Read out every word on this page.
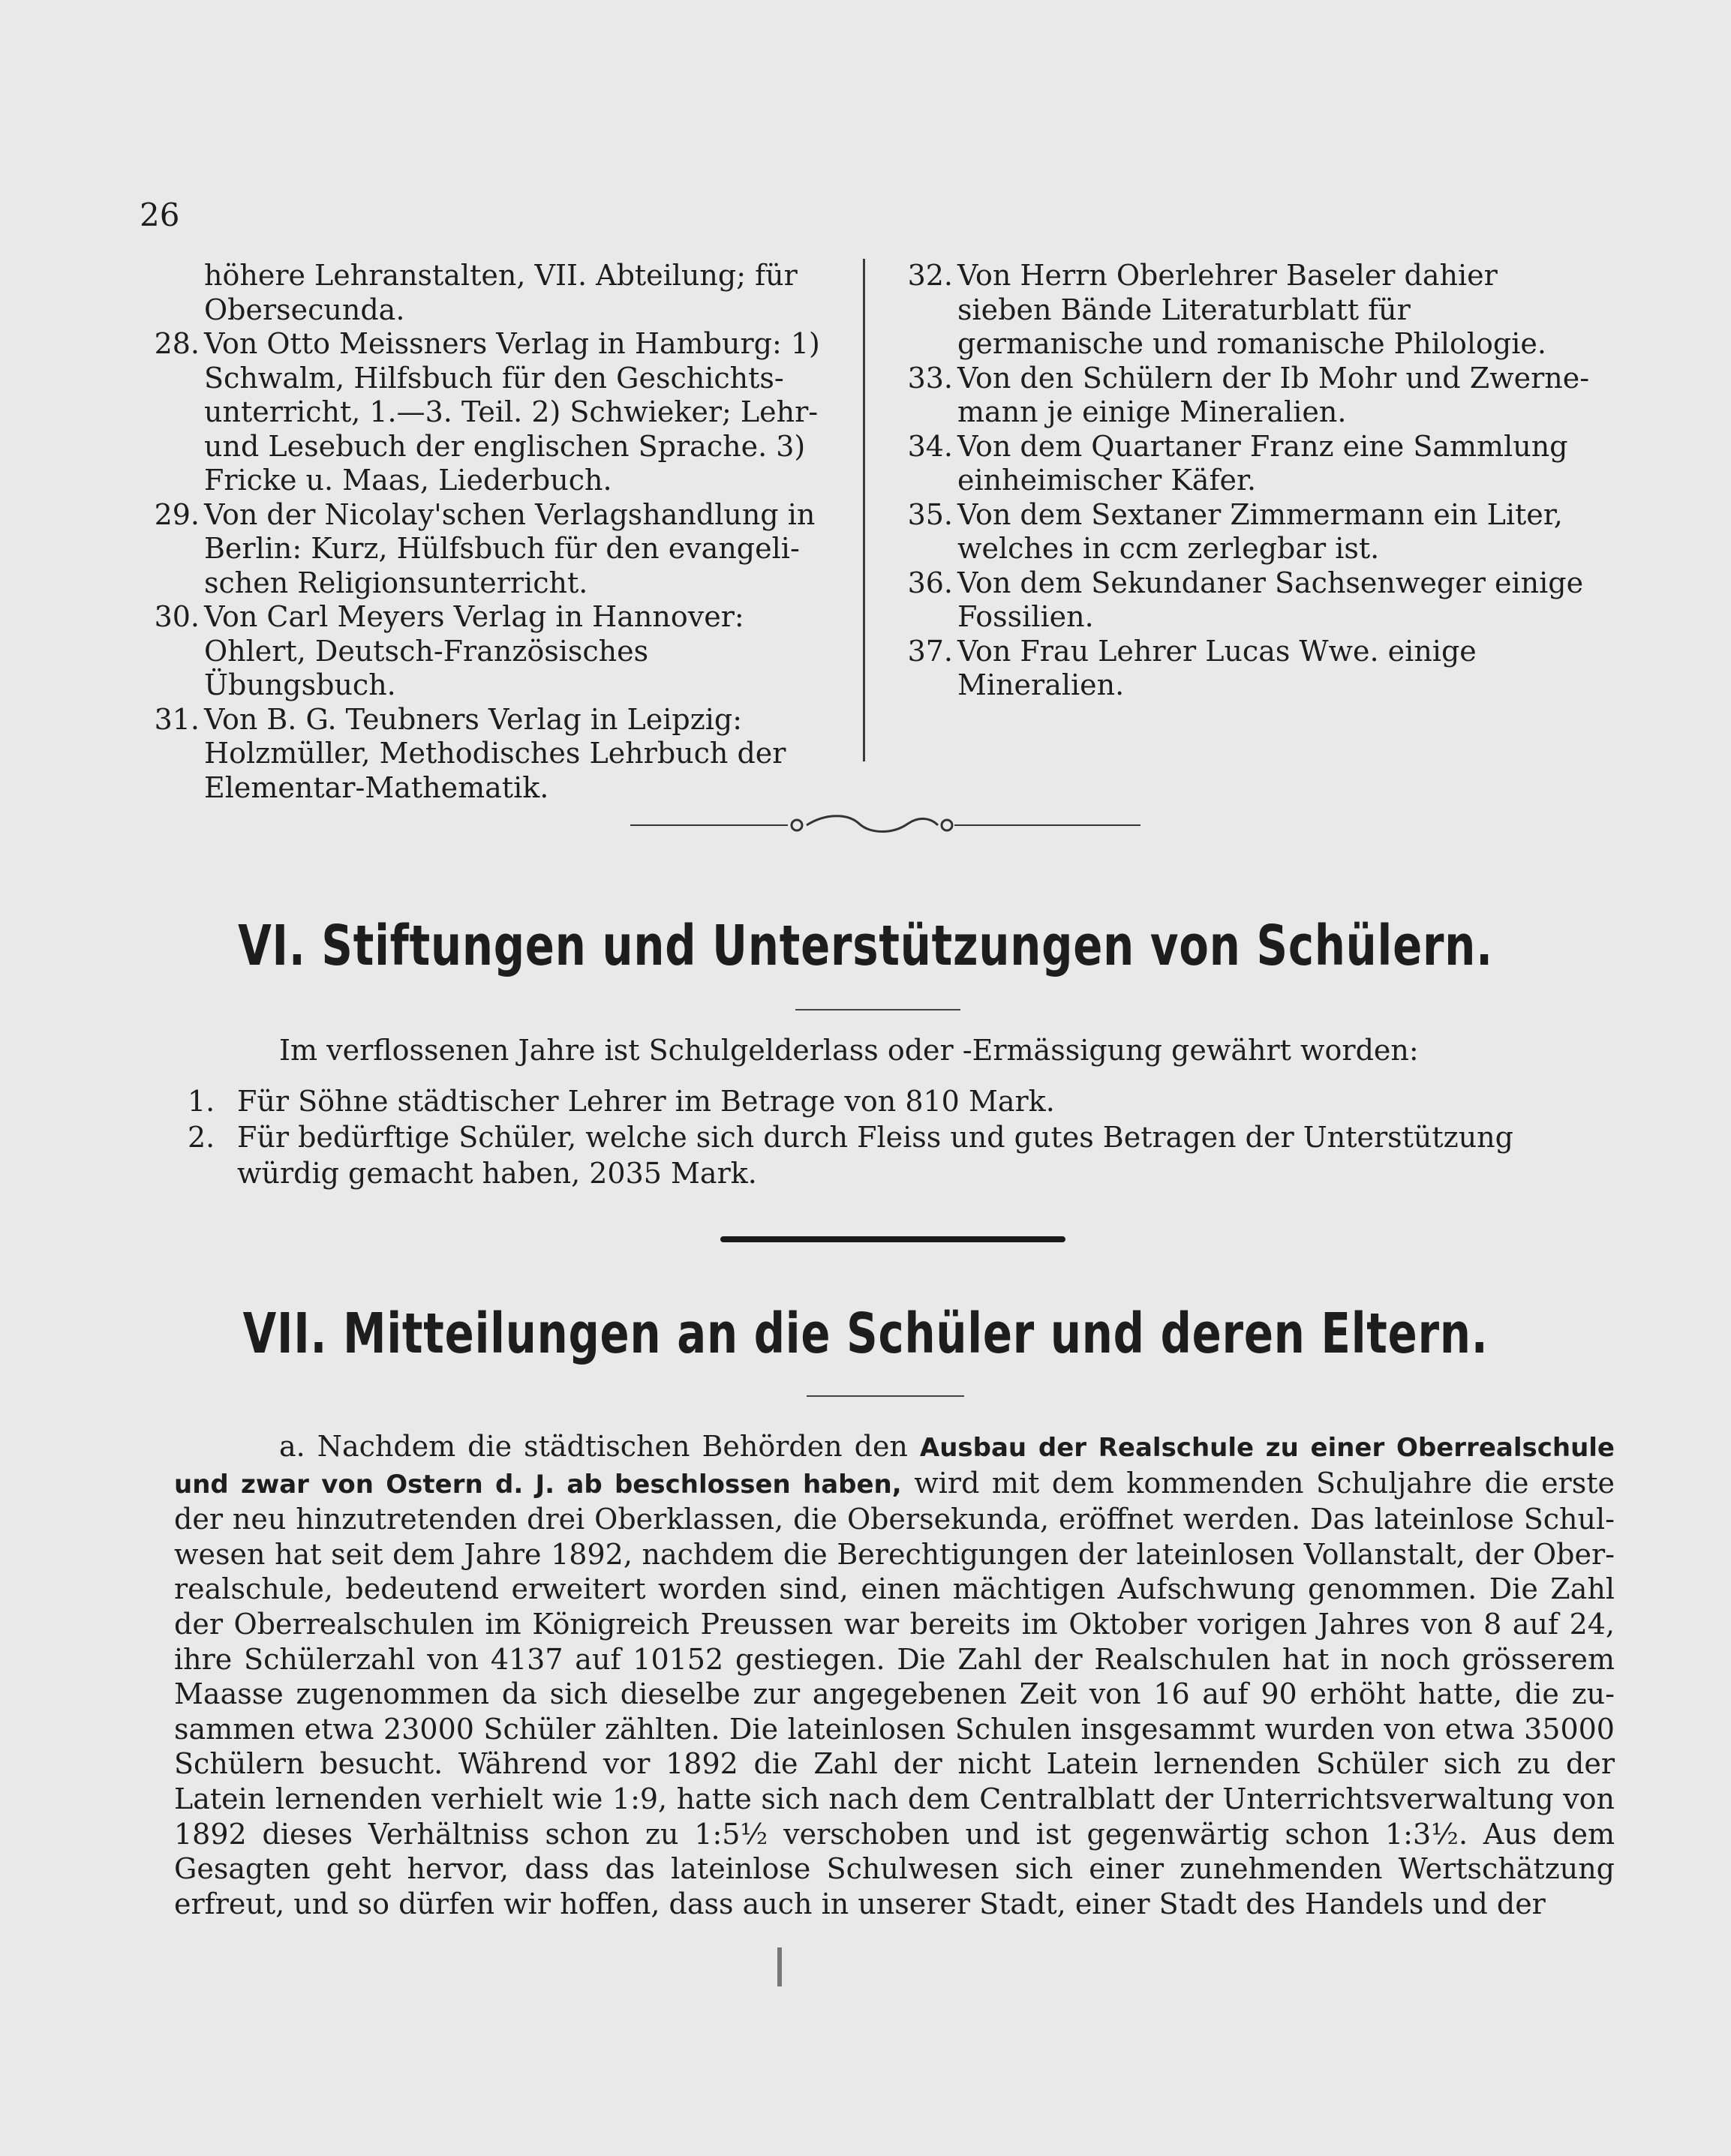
26
höhere Lehranstalten, VII. Abteilung; für Obersecunda.
28. Von Otto Meissners Verlag in Hamburg: 1) Schwalm, Hilfsbuch für den Geschichtsunterricht, 1.—3. Teil. 2) Schwieker; Lehr- und Lesebuch der englischen Sprache. 3) Fricke u. Maas, Liederbuch.
29. Von der Nicolay'schen Verlagshandlung in Berlin: Kurz, Hülfsbuch für den evangelischen Religionsunterricht.
30. Von Carl Meyers Verlag in Hannover: Ohlert, Deutsch-Französisches Übungsbuch.
31. Von B. G. Teubners Verlag in Leipzig: Holzmüller, Methodisches Lehrbuch der Elementar-Mathematik.
32. Von Herrn Oberlehrer Baseler dahier sieben Bände Literaturblatt für germanische und romanische Philologie.
33. Von den Schülern der Ib Mohr und Zwernemann je einige Mineralien.
34. Von dem Quartaner Franz eine Sammlung einheimischer Käfer.
35. Von dem Sextaner Zimmermann ein Liter, welches in ccm zerlegbar ist.
36. Von dem Sekundaner Sachsenweger einige Fossilien.
37. Von Frau Lehrer Lucas Wwe. einige Mineralien.
VI. Stiftungen und Unterstützungen von Schülern.
Im verflossenen Jahre ist Schulgelderlass oder -Ermässigung gewährt worden:
1. Für Söhne städtischer Lehrer im Betrage von 810 Mark.
2. Für bedürftige Schüler, welche sich durch Fleiss und gutes Betragen der Unterstützung würdig gemacht haben, 2035 Mark.
VII. Mitteilungen an die Schüler und deren Eltern.
a. Nachdem die städtischen Behörden den Ausbau der Realschule zu einer Oberrealschule und zwar von Ostern d. J. ab beschlossen haben, wird mit dem kommenden Schuljahre die erste der neu hinzutretenden drei Oberklassen, die Obersekunda, eröffnet werden. Das lateinlose Schulwesen hat seit dem Jahre 1892, nachdem die Berechtigungen der lateinlosen Vollanstalt, der Oberrealschule, bedeutend erweitert worden sind, einen mächtigen Aufschwung genommen. Die Zahl der Oberrealschulen im Königreich Preussen war bereits im Oktober vorigen Jahres von 8 auf 24, ihre Schülerzahl von 4137 auf 10152 gestiegen. Die Zahl der Realschulen hat in noch grösserem Maasse zugenommen da sich dieselbe zur angegebenen Zeit von 16 auf 90 erhöht hatte, die zusammen etwa 23000 Schüler zählten. Die lateinlosen Schulen insgesammt wurden von etwa 35000 Schülern besucht. Während vor 1892 die Zahl der nicht Latein lernenden Schüler sich zu der Latein lernenden verhielt wie 1:9, hatte sich nach dem Centralblatt der Unterrichtsverwaltung von 1892 dieses Verhältniss schon zu 1:5½ verschoben und ist gegenwärtig schon 1:3½. Aus dem Gesagten geht hervor, dass das lateinlose Schulwesen sich einer zunehmenden Wertschätzung erfreut, und so dürfen wir hoffen, dass auch in unserer Stadt, einer Stadt des Handels und der
